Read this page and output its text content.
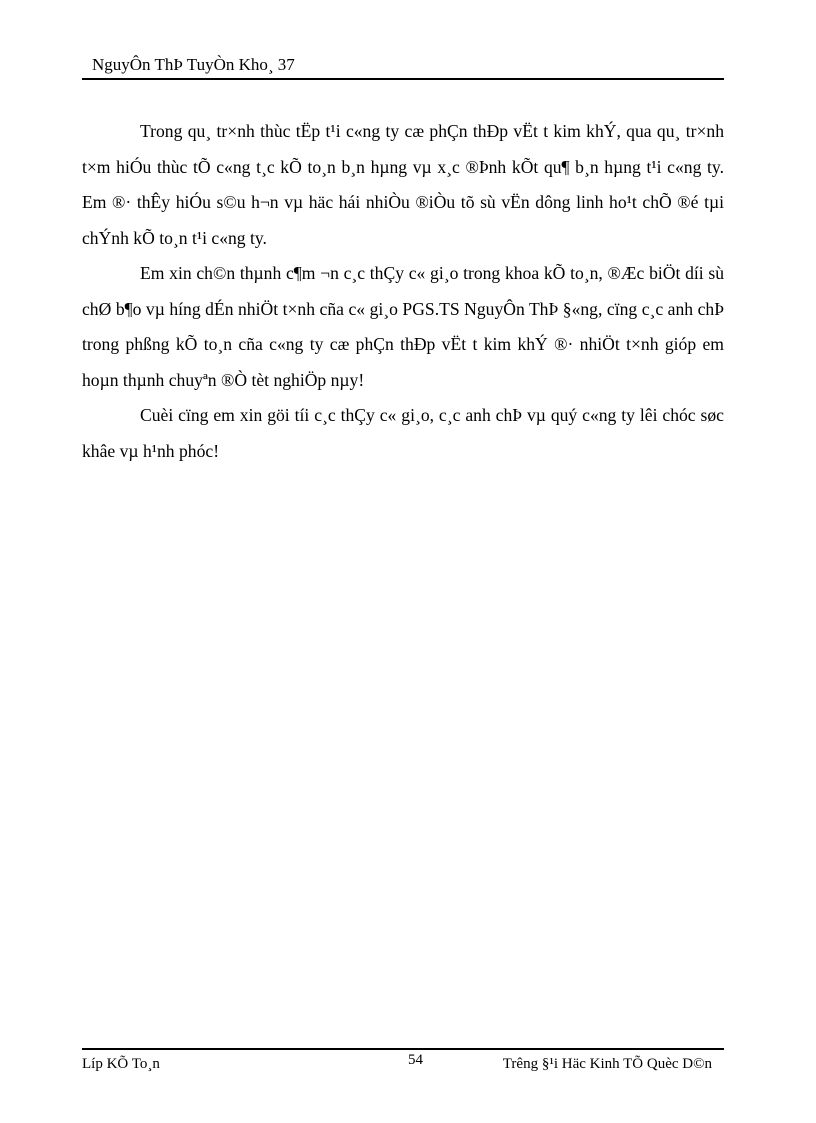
NguyÔn ThÞ TuyÒn Kho¸ 37

Trong qu¸ tr×nh thùc tËp t¹i c«ng ty cæ phÇn thÐp vËt t kim khÝ, qua qu¸ tr×nh t×m hiÓu thùc tÕ c«ng t¸c kÕ to¸n b¸n hµng vµ x¸c ®Þnh kÕt qu¶ b¸n hµng t¹i c«ng ty. Em ®· thÊy hiÓu s©u h¬n vµ häc hái nhiÒu ®iÒu tõ sù vËn dông linh ho¹t chÕ ®é tµi chÝnh kÕ to¸n t¹i c«ng ty.

Em xin ch©n thµnh c¶m ¬n c¸c thÇy c« gi¸o trong khoa kÕ to¸n, ®Æc biÖt díi sù chØ b¶o vµ híng dÉn nhiÖt t×nh cña c« gi¸o PGS.TS NguyÔn ThÞ §«ng, cïng c¸c anh chÞ trong phßng kÕ to¸n cña c«ng ty cæ phÇn thÐp vËt t kim khÝ ®· nhiÖt t×nh gióp em hoµn thµnh chuyªn ®Ò tèt nghiÖp nµy!

Cuèi cïng em xin göi tíi c¸c thÇy c« gi¸o, c¸c anh chÞ vµ quý c«ng ty lêi chóc søc khâe vµ h¹nh phóc!

Líp KÕ To¸n	54	Trêng §¹i Häc Kinh TÕ Quèc D©n
